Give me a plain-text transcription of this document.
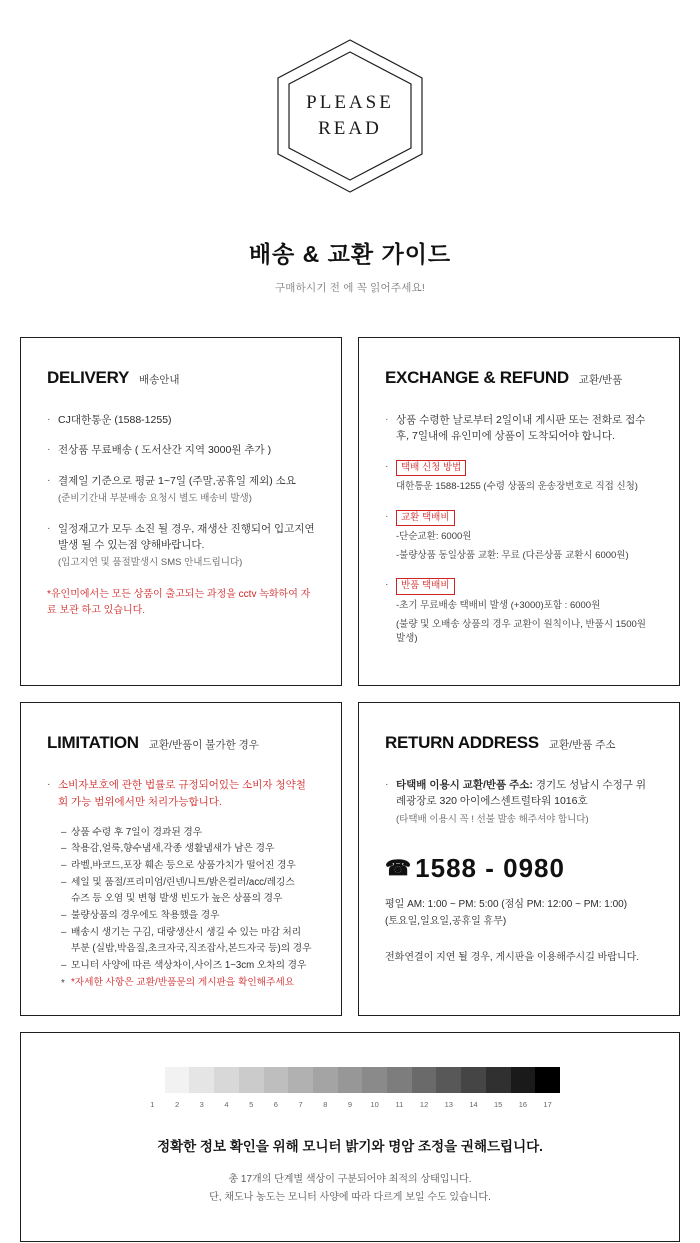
PLEASE
READ
배송 & 교환 가이드
구매하시기 전 에 꼭 읽어주세요!
DELIVERY 배송안내
· CJ대한통운 (1588-1255)
· 전상품 무료배송 ( 도서산간 지역 3000원 추가 )
· 결제일 기준으로 평균 1~7일 (주말,공휴일 제외) 소요
(준비기간내 부분배송 요청시 별도 배송비 발생)
· 일정재고가 모두 소진 될 경우, 재생산 진행되어 입고지연 발생 될 수 있는점 양해바랍니다.
(입고지연 및 품절발생시 SMS 안내드립니다)
*유인미에서는 모든 상품이 출고되는 과정을 cctv 녹화하여 자료 보관 하고 있습니다.
EXCHANGE & REFUND 교환/반품
· 상품 수령한 날로부터 2일이내 게시판 또는 전화로 접수 후, 7일내에 유인미에 상품이 도착되어야 합니다.
· 택배 신청 방법
대한통운 1588-1255 (수령 상품의 운송장번호로 직접 신청)
· 교환 택배비
-단순교환: 6000원
-불량상품 동일상품 교환: 무료 (다른상품 교환시 6000원)
· 반품 택배비
-초기 무료배송 택배비 발생 (+3000)포함 : 6000원
(불량 및 오배송 상품의 경우 교환이 원칙이나, 반품시 1500원 발생)
LIMITATION 교환/반품이 불가한 경우
· 소비자보호에 관한 법률로 규정되어있는 소비자 청약철회 가능 범위에서만 처리가능합니다.
– 상품 수령 후 7일이 경과된 경우
– 착용감,얼룩,향수냄새,각종 생활냄새가 남은 경우
– 라벨,바코드,포장 훼손 등으로 상품가치가 떨어진 경우
– 세일 및 품절/프리미엄/린넨/니트/밝은컬러/acc/레깅스
슈즈 등 오염 및 변형 발생 빈도가 높은 상품의 경우
– 불량상품의 경우에도 착용했을 경우
– 배송시 생기는 구김, 대량생산시 생길 수 있는 마감 처리
부분 (실밥,박음질,초크자국,직조잡사,본드자국 등)의 경우
– 모니터 사양에 따른 색상차이,사이즈 1~3cm 오차의 경우
* *자세한 사항은 교환/반품문의 게시판을 확인해주세요
RETURN ADDRESS 교환/반품 주소
· 타택배 이용시 교환/반품 주소: 경기도 성남시 수정구 위례광장로 320 아이에스센트럴타워 1016호
(타택배 이용시 꼭 ! 선불 발송 해주셔야 합니다)
☎ 1588 - 0980
평일 AM: 1:00 ~ PM: 5:00 (점심 PM: 12:00 ~ PM: 1:00)
(토요일,일요일,공휴일 휴무)
전화연결이 지연 될 경우, 게시판을 이용해주시길 바랍니다.
1	2	3	4	5	6	7	8	9	10	11	12	13	14	15	16	17
정확한 정보 확인을 위해 모니터 밝기와 명암 조정을 권해드립니다.
총 17개의 단계별 색상이 구분되어야 최적의 상태입니다.
단, 채도나 농도는 모니터 사양에 따라 다르게 보일 수도 있습니다.
